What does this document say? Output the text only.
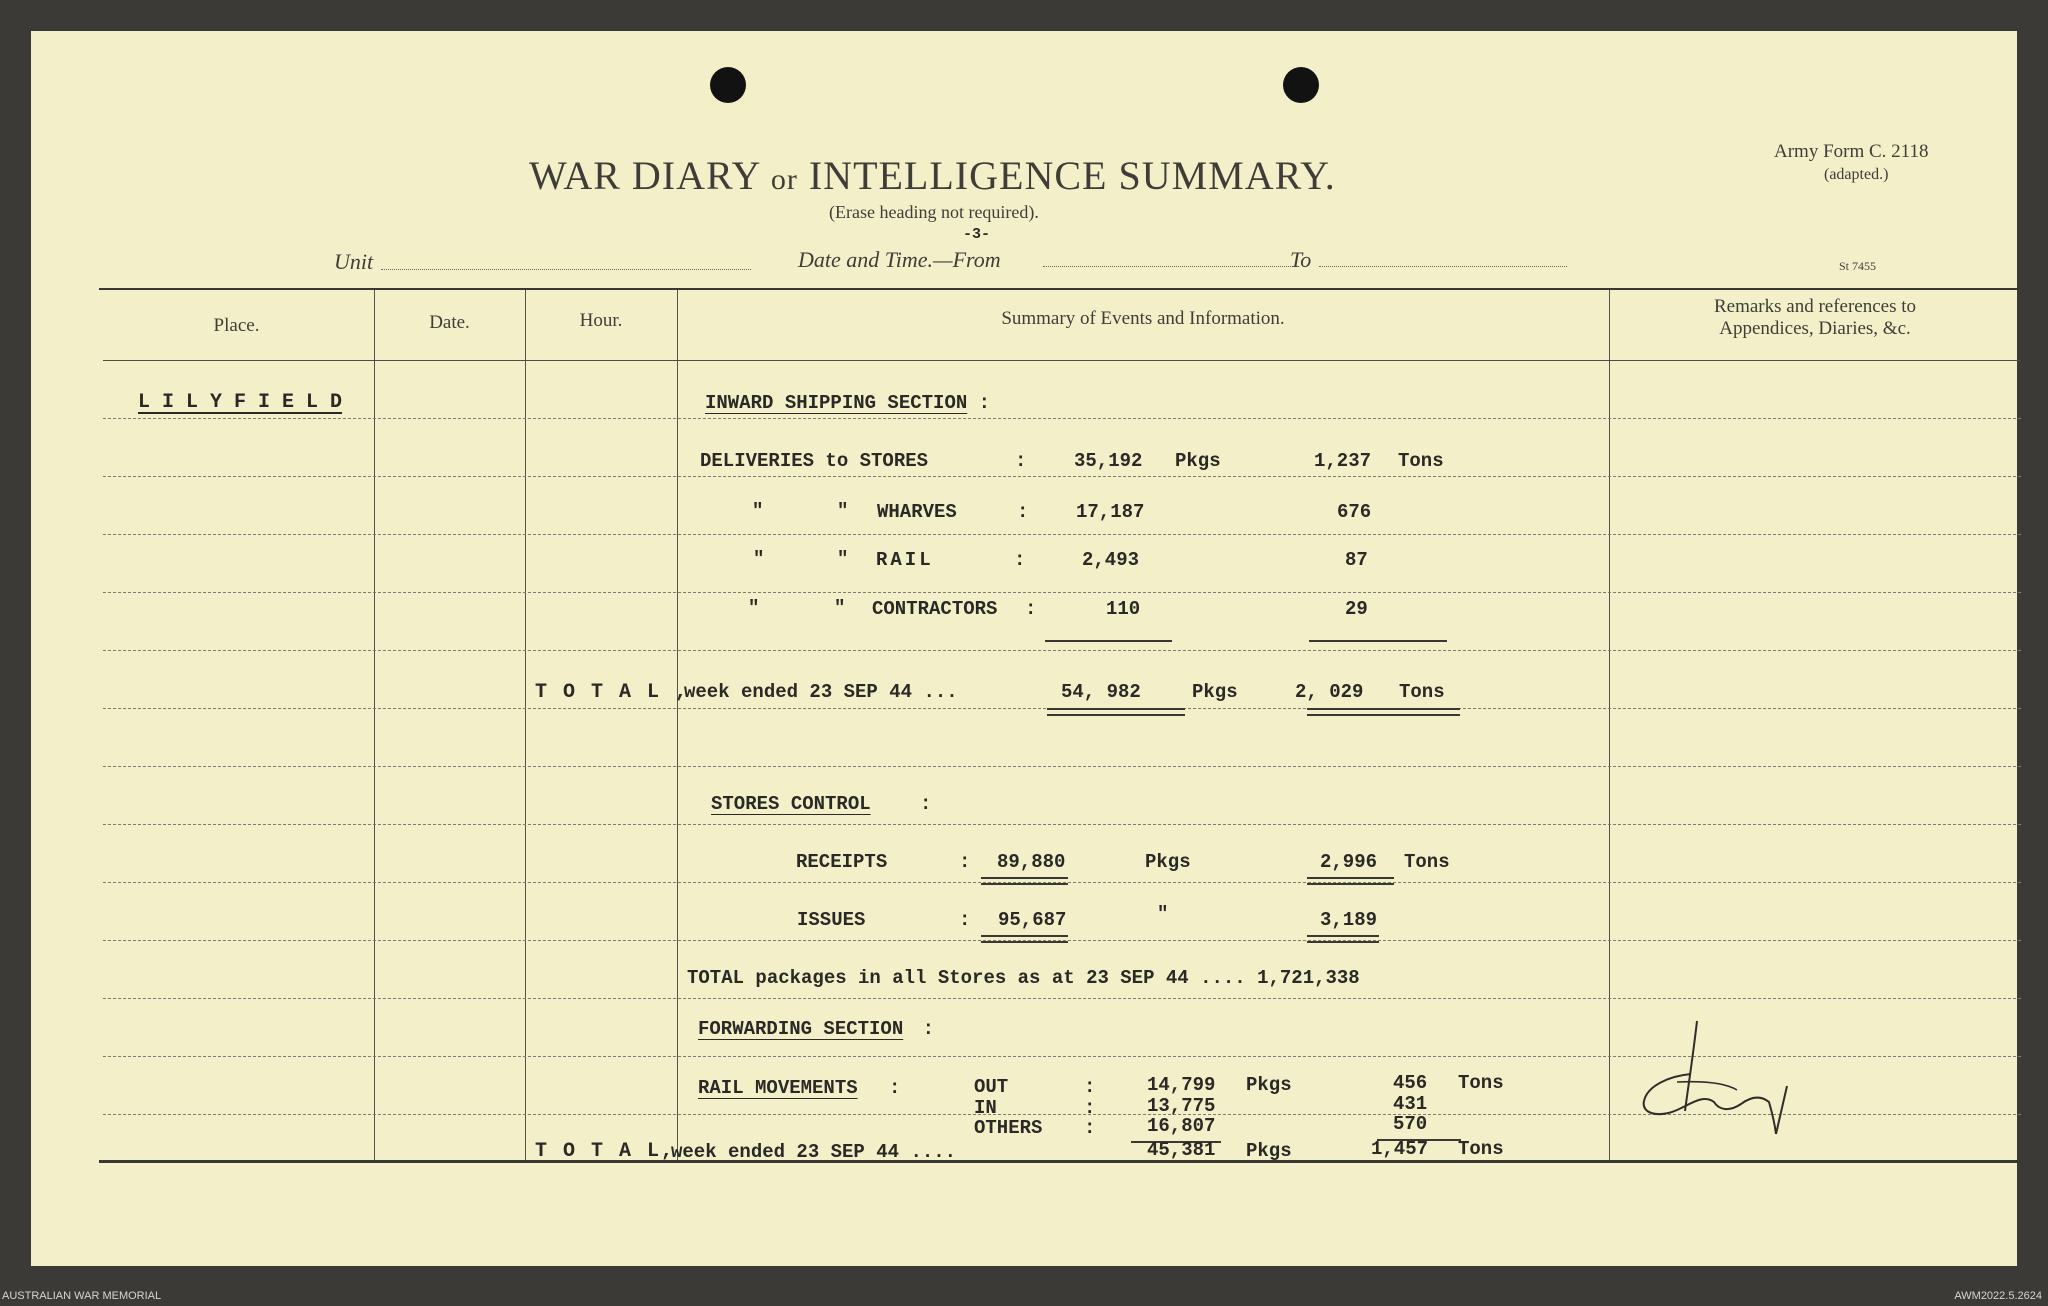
Army Form C. 2118
(adapted.)
WAR DIARY or INTELLIGENCE SUMMARY.
(Erase heading not required).
-3-
Unit	Date and Time.—From	To	St 7455
Place.	Date.	Hour.	Summary of Events and Information.
Remarks and references to
Appendices, Diaries, &c.
L I L Y F I E L D	INWARD SHIPPING SECTION :
DELIVERIES to STORES	:	35,192 Pkgs	1,237 Tons
"	" WHARVES	:	17,187	676
"	" RAIL	:	2,493	87
"	" CONTRACTORS :	110	29
T O T A L ,
week ended 23 SEP 44 ...	54, 982	Pkgs	2, 029 Tons
STORES CONTROL	:
RECEIPTS	: 89,880	Pkgs	2,996 Tons
ISSUES	: 95,687	"	3,189
TOTAL packages in all Stores as at 23 SEP 44 .... 1,721,338
FORWARDING SECTION :
RAIL MOVEMENTS :	OUT	:	14,799 Pkgs	456 Tons
IN	:	13,775	431
OTHERS :	16,807	570
T O T A L,
week ended 23 SEP 44 ....	45,381 Pkgs	1,457 Tons
AUSTRALIAN WAR MEMORIAL	AWM2022.5.2624
